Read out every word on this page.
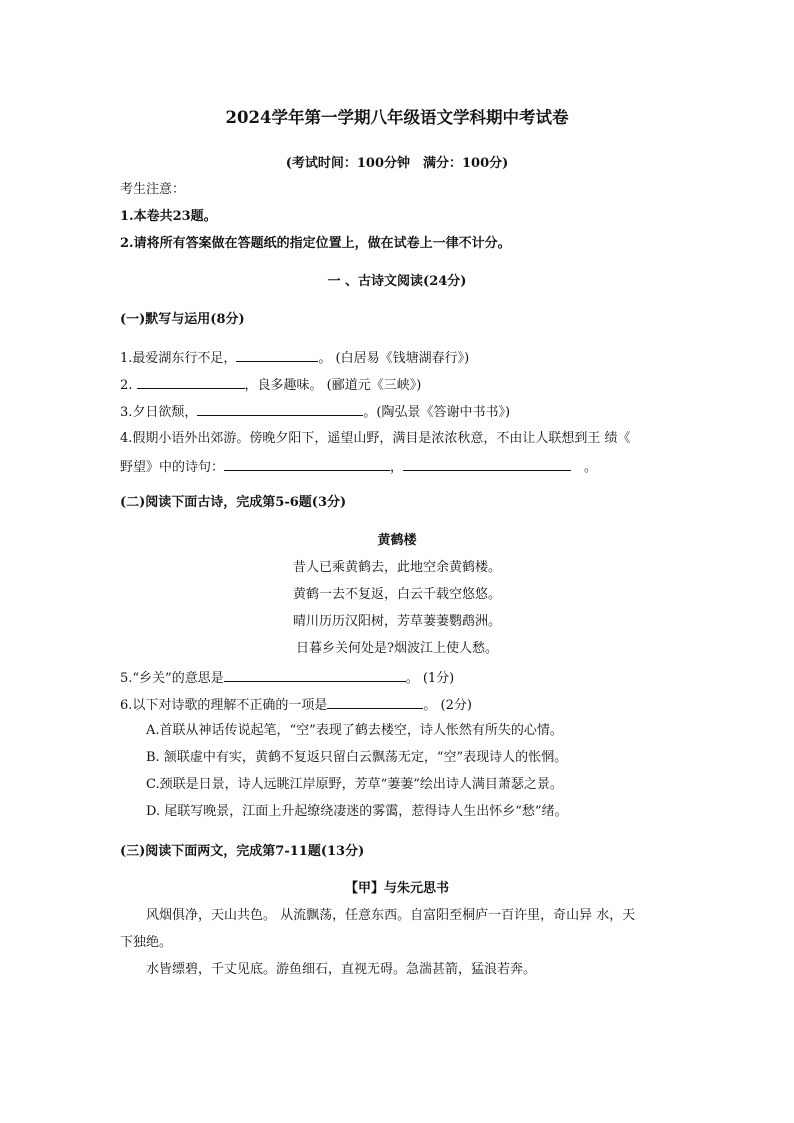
2024学年第一学期八年级语文学科期中考试卷
(考试时间：100分钟　满分：100分)
考生注意：
1.本卷共23题。
2.请将所有答案做在答题纸的指定位置上，做在试卷上一律不计分。
一 、古诗文阅读(24分)
(一)默写与运用(8分)
1.最爱湖东行不足，	。 (白居易《钱塘湖春行》)
2.	，良多趣味。 (郦道元《三峡》)
3.夕日欲颓，	。(陶弘景《答谢中书书》)
4.假期小语外出郊游。傍晚夕阳下，遥望山野，满目是浓浓秋意，不由让人联想到王 绩《
野望》中的诗句：	，　	。
(二)阅读下面古诗，完成第5-6题(3分)
黄鹤楼
昔人已乘黄鹤去，此地空余黄鹤楼。
黄鹤一去不复返，白云千载空悠悠。
晴川历历汉阳树，芳草萋萋鹦鹉洲。
日暮乡关何处是?烟波江上使人愁。
5.“乡关”的意思是	。 (1分)
6.以下对诗歌的理解不正确的一项是	。 (2分)
A.首联从神话传说起笔，“空”表现了鹤去楼空，诗人怅然有所失的心情。
B. 颔联虚中有实，黄鹤不复返只留白云飘荡无定，“空”表现诗人的怅惘。
C.颈联是日景，诗人远眺江岸原野，芳草“萋萋”绘出诗人满目萧瑟之景。
D. 尾联写晚景，江面上升起缭绕凄迷的雾霭，惹得诗人生出怀乡“愁”绪。
(三)阅读下面两文，完成第7-11题(13分)
【甲】与朱元思书
风烟俱净，天山共色。 从流飘荡，任意东西。自富阳至桐庐一百许里，奇山异 水，天
下独绝。
水皆缥碧，千丈见底。游鱼细石，直视无碍。急湍甚箭，猛浪若奔。
